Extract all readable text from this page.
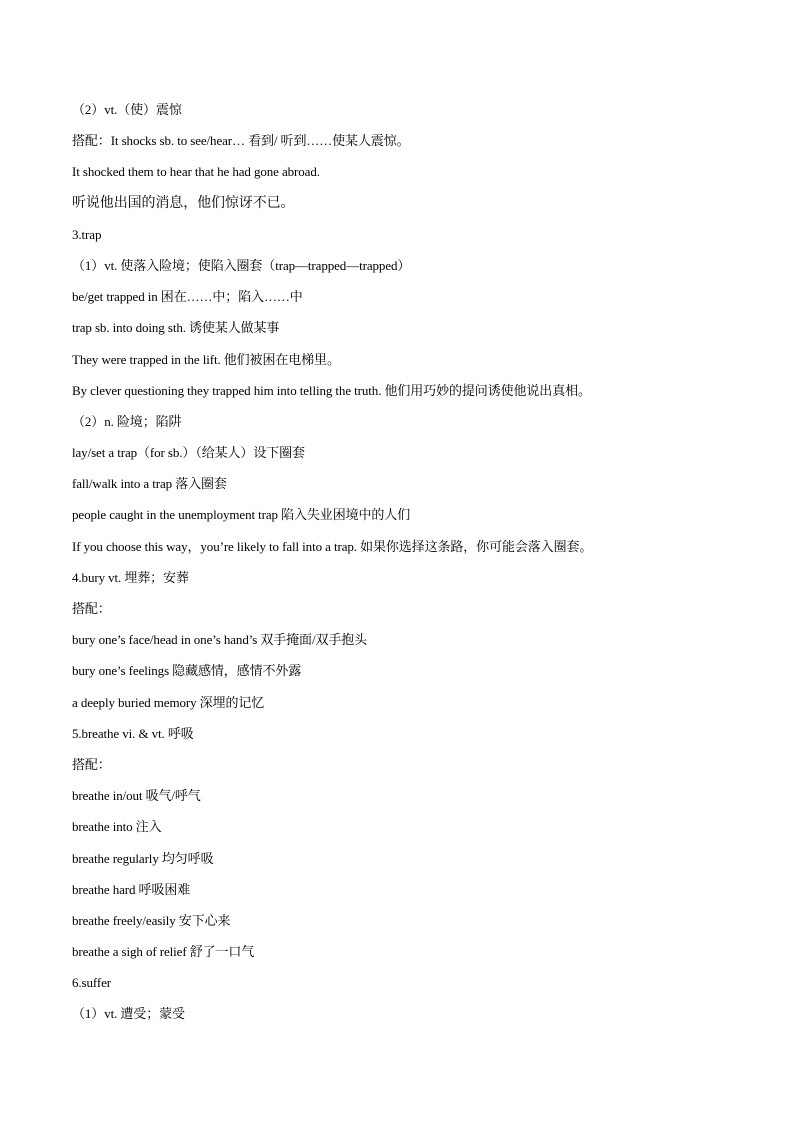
（2）vt.（使）震惊
搭配：It shocks sb. to see/hear… 看到/ 听到……使某人震惊。
It shocked them to hear that he had gone abroad.
听说他出国的消息，他们惊讶不已。
3.trap
（1）vt. 使落入险境；使陷入圈套（trap—trapped—trapped）
be/get trapped in 困在……中；陷入……中
trap sb. into doing sth. 诱使某人做某事
They were trapped in the lift. 他们被困在电梯里。
By clever questioning they trapped him into telling the truth. 他们用巧妙的提问诱使他说出真相。
（2）n. 险境；陷阱
lay/set a trap（for sb.）（给某人）设下圈套
fall/walk into a trap 落入圈套
people caught in the unemployment trap 陷入失业困境中的人们
If you choose this way，you’re likely to fall into a trap. 如果你选择这条路，你可能会落入圈套。
4.bury vt. 埋葬；安葬
搭配：
bury one’s face/head in one’s hand’s 双手掩面/双手抱头
bury one’s feelings 隐藏感情，感情不外露
a deeply buried memory 深埋的记忆
5.breathe vi. & vt. 呼吸
搭配：
breathe in/out 吸气/呼气
breathe into 注入
breathe regularly 均匀呼吸
breathe hard 呼吸困难
breathe freely/easily 安下心来
breathe a sigh of relief 舒了一口气
6.suffer
（1）vt. 遭受；蒙受
